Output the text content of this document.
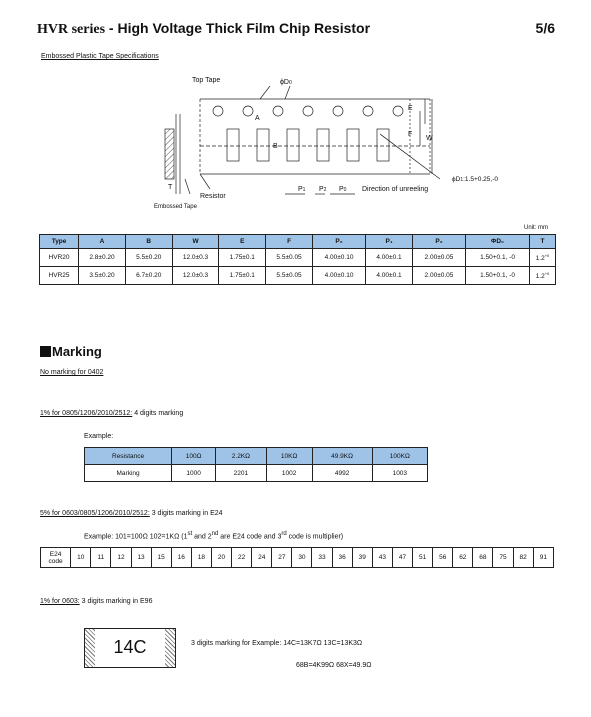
HVR series - High Voltage Thick Film Chip Resistor	5/6
Embossed Plastic Tape Specifications
Top Tape	ϕD0
E
F
W
A
B
T
Resistor
Embossed Tape
P1 P2 P0 Direction of unreeling
ϕD1:1.5+0.25,-0
Unit: mm
Type	A	B	W	E	F	P₀	P₁	P₂	ΦD₀	T
HVR20	2.8±0.20	5.5±0.20	12.0±0.3	1.75±0.1	5.5±0.05	4.00±0.10	4.00±0.1	2.00±0.05	1.50+0.1, -0	$1.2^{+0}$
HVR25	3.5±0.20	6.7±0.20	12.0±0.3	1.75±0.1	5.5±0.05	4.00±0.10	4.00±0.1	2.00±0.05	1.50+0.1, -0	$1.2^{+0}$
Marking
No marking for 0402
1% for 0805/1206/2010/2512: 4 digits marking
Example:
Resistance	100Ω	2.2KΩ	10KΩ	49.9KΩ	100KΩ
Marking	1000	2201	1002	4992	1003
5% for 0603/0805/1206/2010/2512: 3 digits marking in E24
Example: 101=100Ω 102=1KΩ (1st and 2nd are E24 code and 3rd code is multiplier)
E24
code	10	11	12	13	15	16	18	20	22	24	27	30	33	36	39	43	47	51	56	62	68	75	82	91
1% for 0603: 3 digits marking in E96
14C	3 digits marking for Example: 14C=13K7Ω 13C=13K3Ω
68B=4K99Ω 68X=49.9Ω
